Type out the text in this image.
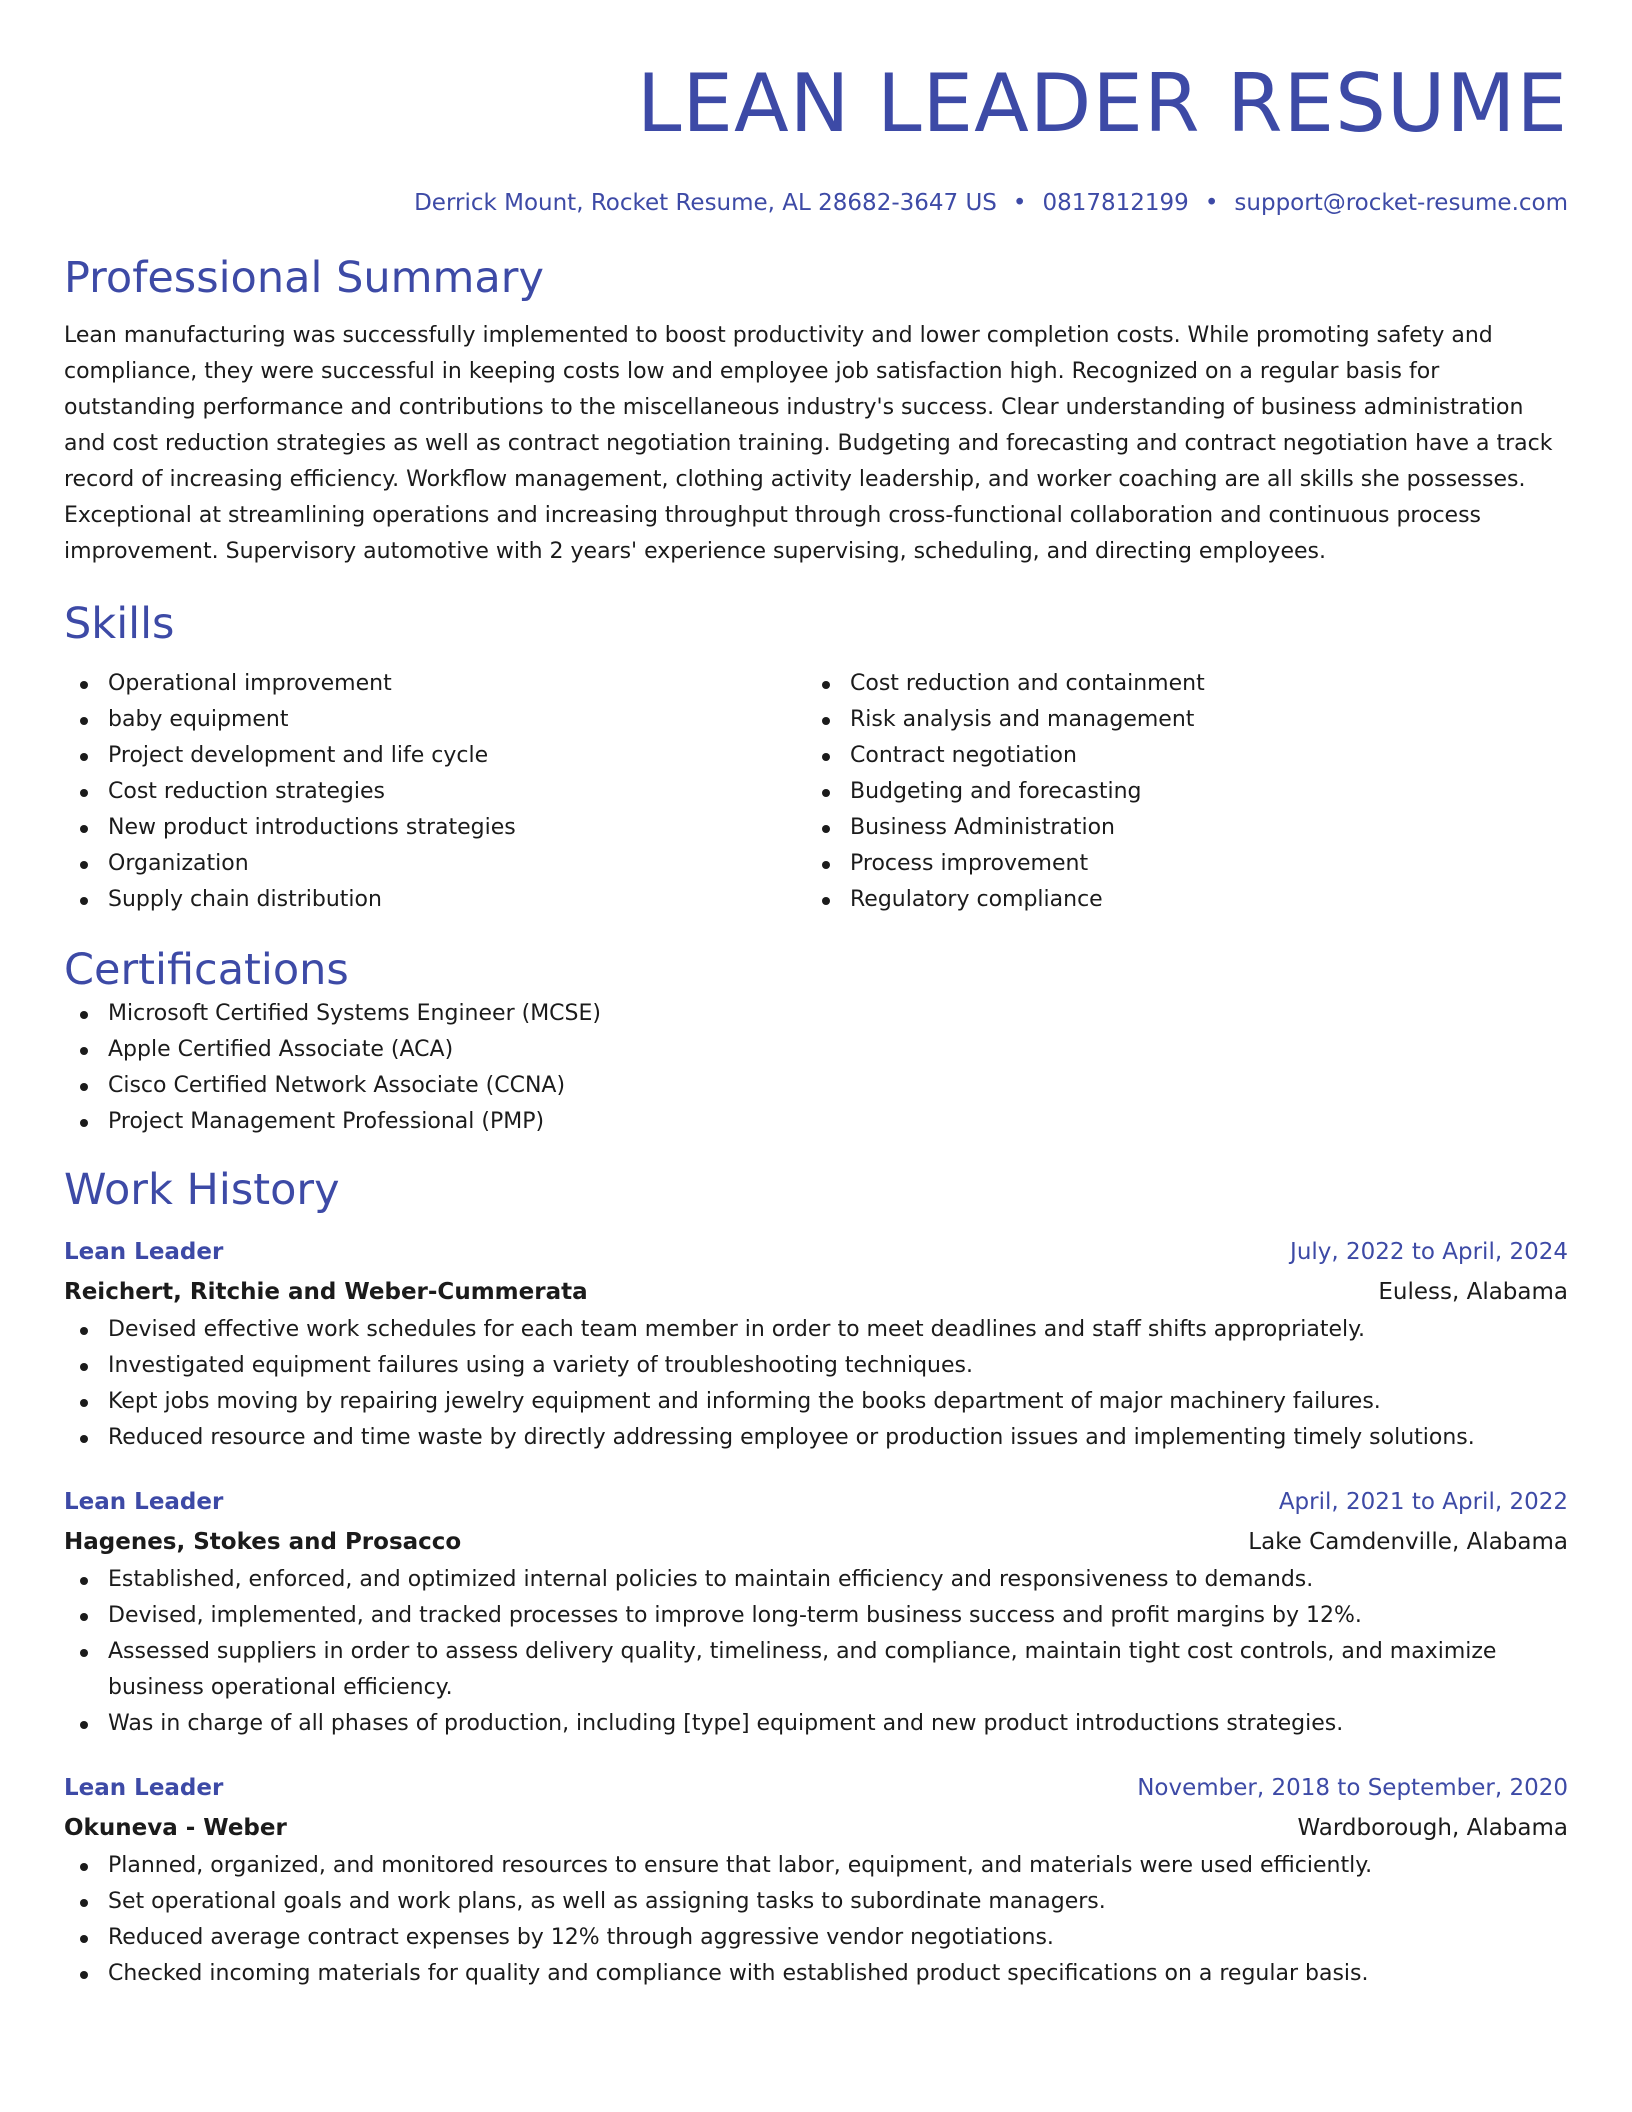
LEAN LEADER RESUME
Derrick Mount, Rocket Resume, AL 28682-3647 US • 0817812199 • support@rocket-resume.com
Professional Summary
Lean manufacturing was successfully implemented to boost productivity and lower completion costs. While promoting safety and compliance, they were successful in keeping costs low and employee job satisfaction high. Recognized on a regular basis for outstanding performance and contributions to the miscellaneous industry's success. Clear understanding of business administration and cost reduction strategies as well as contract negotiation training. Budgeting and forecasting and contract negotiation have a track record of increasing efficiency. Workflow management, clothing activity leadership, and worker coaching are all skills she possesses. Exceptional at streamlining operations and increasing throughput through cross-functional collaboration and continuous process improvement. Supervisory automotive with 2 years' experience supervising, scheduling, and directing employees.
Skills
Operational improvement
baby equipment
Project development and life cycle
Cost reduction strategies
New product introductions strategies
Organization
Supply chain distribution
Cost reduction and containment
Risk analysis and management
Contract negotiation
Budgeting and forecasting
Business Administration
Process improvement
Regulatory compliance
Certifications
Microsoft Certified Systems Engineer (MCSE)
Apple Certified Associate (ACA)
Cisco Certified Network Associate (CCNA)
Project Management Professional (PMP)
Work History
Lean Leader	July, 2022 to April, 2024
Reichert, Ritchie and Weber-Cummerata	Euless, Alabama
Devised effective work schedules for each team member in order to meet deadlines and staff shifts appropriately.
Investigated equipment failures using a variety of troubleshooting techniques.
Kept jobs moving by repairing jewelry equipment and informing the books department of major machinery failures.
Reduced resource and time waste by directly addressing employee or production issues and implementing timely solutions.
Lean Leader	April, 2021 to April, 2022
Hagenes, Stokes and Prosacco	Lake Camdenville, Alabama
Established, enforced, and optimized internal policies to maintain efficiency and responsiveness to demands.
Devised, implemented, and tracked processes to improve long-term business success and profit margins by 12%.
Assessed suppliers in order to assess delivery quality, timeliness, and compliance, maintain tight cost controls, and maximize business operational efficiency.
Was in charge of all phases of production, including [type] equipment and new product introductions strategies.
Lean Leader	November, 2018 to September, 2020
Okuneva - Weber	Wardborough, Alabama
Planned, organized, and monitored resources to ensure that labor, equipment, and materials were used efficiently.
Set operational goals and work plans, as well as assigning tasks to subordinate managers.
Reduced average contract expenses by 12% through aggressive vendor negotiations.
Checked incoming materials for quality and compliance with established product specifications on a regular basis.
